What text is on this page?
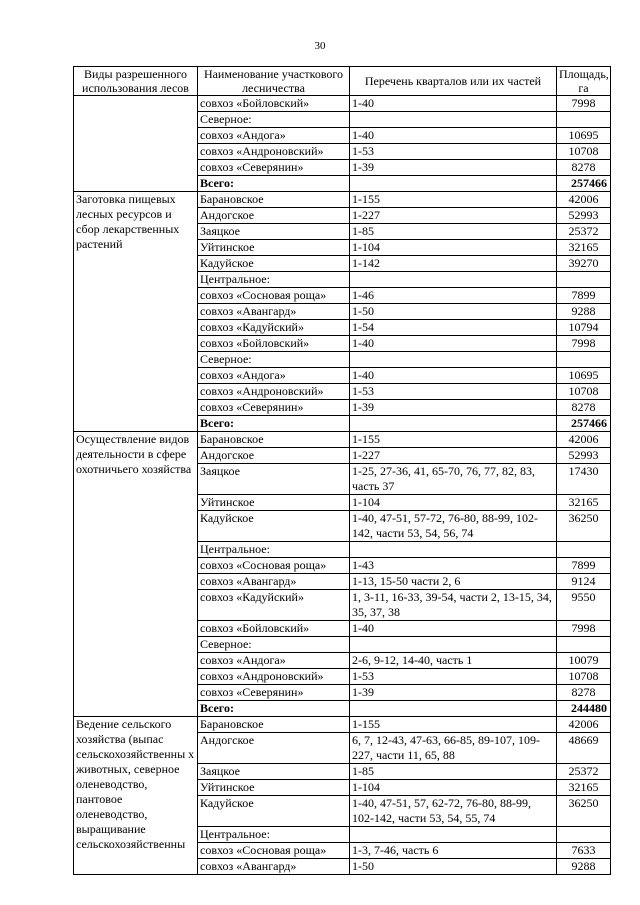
30
Виды разрешенного использования лесов	Наименование участкового лесничества	Перечень кварталов или их частей	Площадь, га
	совхоз «Бойловский»	1-40	7998
	Северное:		
	совхоз «Андога»	1-40	10695
	совхоз «Андроновский»	1-53	10708
	совхоз «Северянин»	1-39	8278
	Всего:		257466
Заготовка пищевых лесных ресурсов и сбор лекарственных растений	Барановское	1-155	42006
	Андогское	1-227	52993
	Заяцкое	1-85	25372
	Уйтинское	1-104	32165
	Кадуйское	1-142	39270
	Центральное:		
	совхоз «Сосновая роща»	1-46	7899
	совхоз «Авангард»	1-50	9288
	совхоз «Кадуйский»	1-54	10794
	совхоз «Бойловский»	1-40	7998
	Северное:		
	совхоз «Андога»	1-40	10695
	совхоз «Андроновский»	1-53	10708
	совхоз «Северянин»	1-39	8278
	Всего:		257466
Осуществление видов деятельности в сфере охотничьего хозяйства	Барановское	1-155	42006
	Андогское	1-227	52993
	Заяцкое	1-25, 27-36, 41, 65-70, 76, 77, 82, 83, часть 37	17430
	Уйтинское	1-104	32165
	Кадуйское	1-40, 47-51, 57-72, 76-80, 88-99, 102-142, части 53, 54, 56, 74	36250
	Центральное:		
	совхоз «Сосновая роща»	1-43	7899
	совхоз «Авангард»	1-13, 15-50 части 2, 6	9124
	совхоз «Кадуйский»	1, 3-11, 16-33, 39-54, части 2, 13-15, 34, 35, 37, 38	9550
	совхоз «Бойловский»	1-40	7998
	Северное:		
	совхоз «Андога»	2-6, 9-12, 14-40, часть 1	10079
	совхоз «Андроновский»	1-53	10708
	совхоз «Северянин»	1-39	8278
	Всего:		244480
Ведение сельского хозяйства (выпас сельскохозяйственны х животных, северное оленеводство, пантовое оленеводство, выращивание сельскохозяйственны	Барановское	1-155	42006
	Андогское	6, 7, 12-43, 47-63, 66-85, 89-107, 109-227, части 11, 65, 88	48669
	Заяцкое	1-85	25372
	Уйтинское	1-104	32165
	Кадуйское	1-40, 47-51, 57, 62-72, 76-80, 88-99, 102-142, части 53, 54, 55, 74	36250
	Центральное:		
	совхоз «Сосновая роща»	1-3, 7-46, часть 6	7633
	совхоз «Авангард»	1-50	9288
